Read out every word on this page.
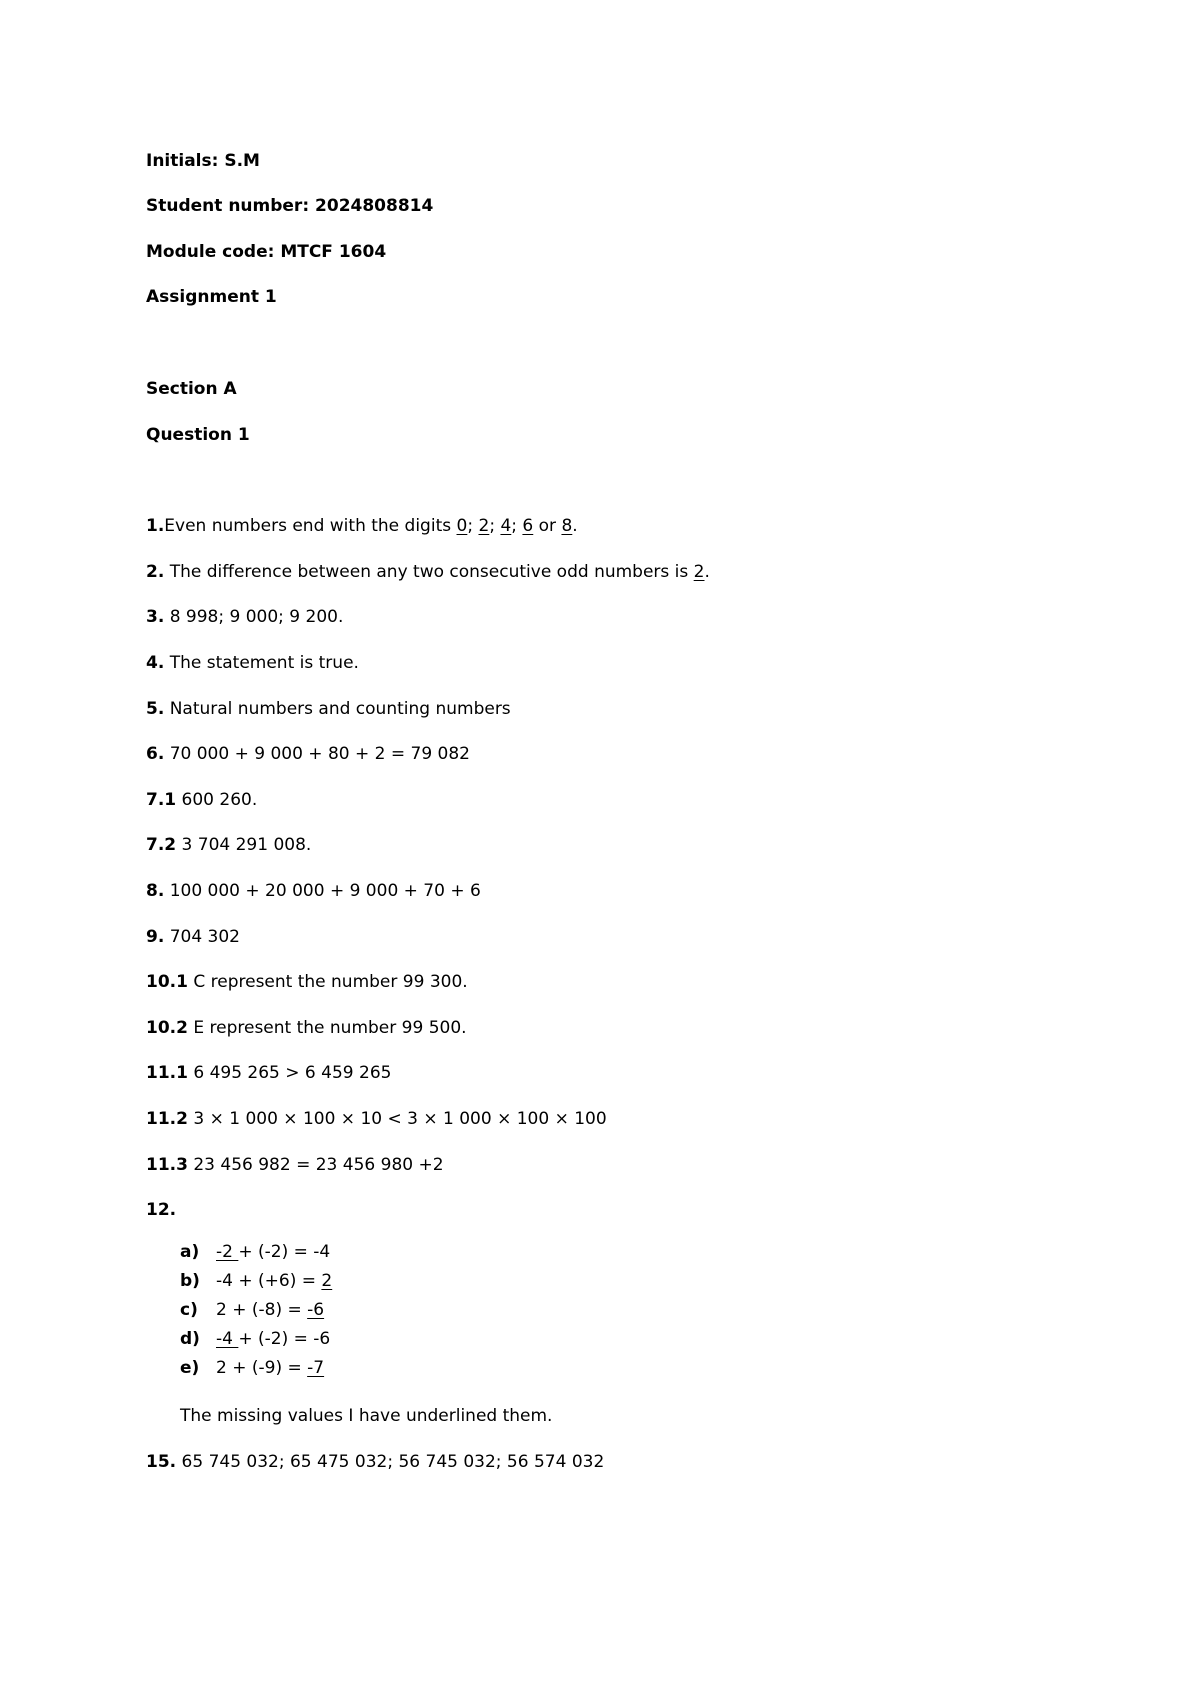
Initials: S.M
Student number: 2024808814
Module code: MTCF 1604
Assignment 1
Section A
Question 1
1.Even numbers end with the digits 0; 2; 4; 6 or 8.
2. The difference between any two consecutive odd numbers is 2.
3. 8 998; 9 000; 9 200.
4. The statement is true.
5. Natural numbers and counting numbers
6. 70 000 + 9 000 + 80 + 2 = 79 082
7.1 600 260.
7.2 3 704 291 008.
8. 100 000 + 20 000 + 9 000 + 70 + 6
9. 704 302
10.1 C represent the number 99 300.
10.2 E represent the number 99 500.
11.1 6 495 265 > 6 459 265
11.2 3 × 1 000 × 100 × 10 < 3 × 1 000 × 100 × 100
11.3 23 456 982 = 23 456 980 +2
12.
a) -2 + (-2) = -4
b) -4 + (+6) = 2
c) 2 + (-8) = -6
d) -4 + (-2) = -6
e) 2 + (-9) = -7
The missing values I have underlined them.
15. 65 745 032; 65 475 032; 56 745 032; 56 574 032
